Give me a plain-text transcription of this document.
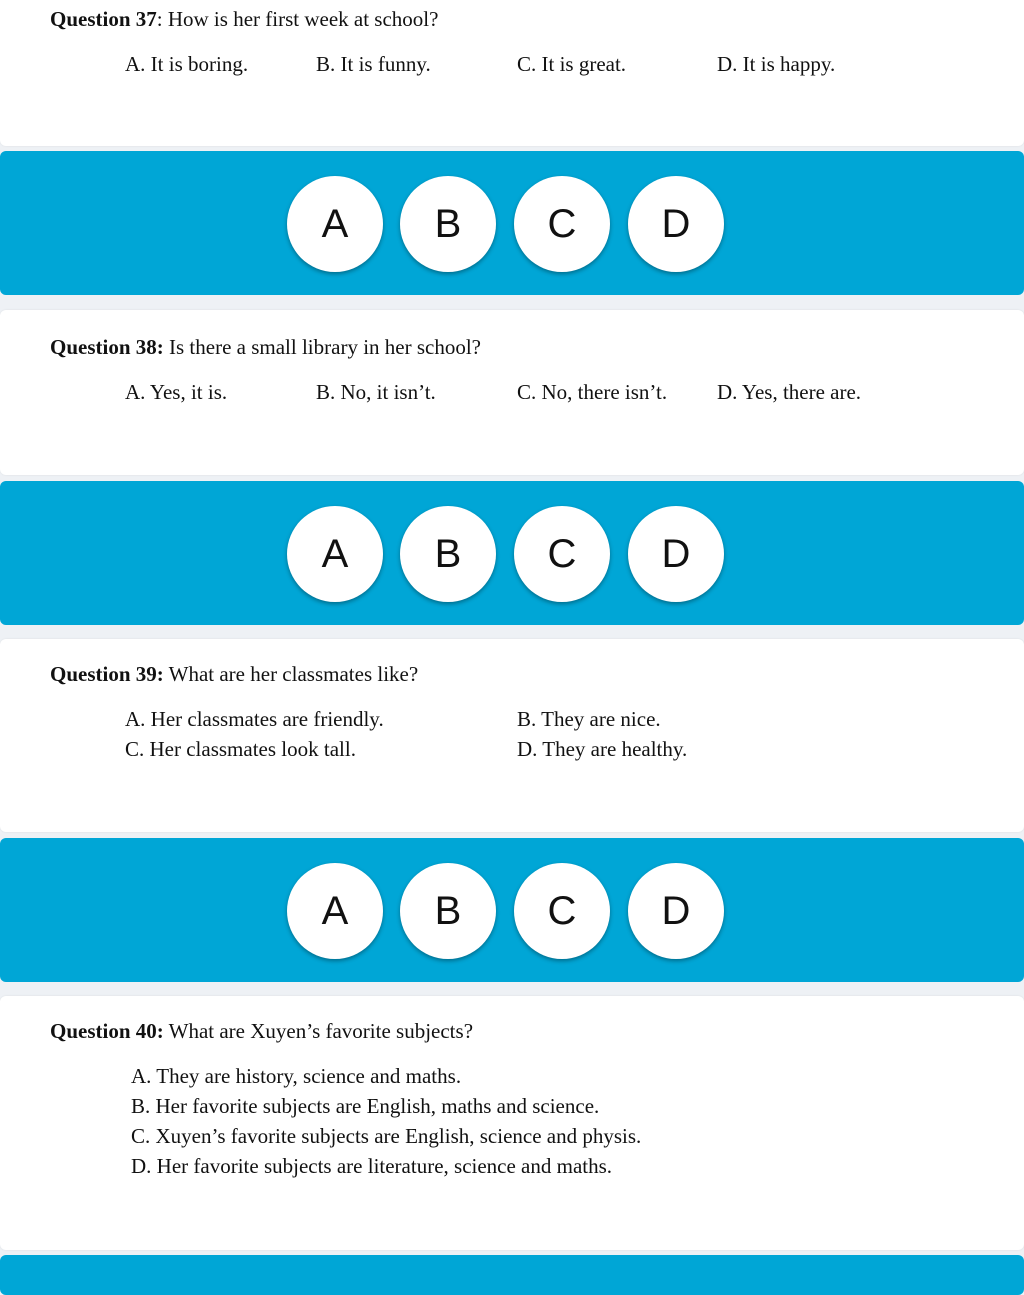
Question 37: How is her first week at school?
A. It is boring.	B. It is funny.	C. It is great.	D. It is happy.
A	B	C	D
Question 38: Is there a small library in her school?
A. Yes, it is.	B. No, it isn’t.	C. No, there isn’t. D. Yes, there are.
A	B	C	D
Question 39: What are her classmates like?
A. Her classmates are friendly.	B. They are nice.
C. Her classmates look tall.	D. They are healthy.
A	B	C	D
Question 40: What are Xuyen’s favorite subjects?
A. They are history, science and maths.
B. Her favorite subjects are English, maths and science.
C. Xuyen’s favorite subjects are English, science and physis.
D. Her favorite subjects are literature, science and maths.
